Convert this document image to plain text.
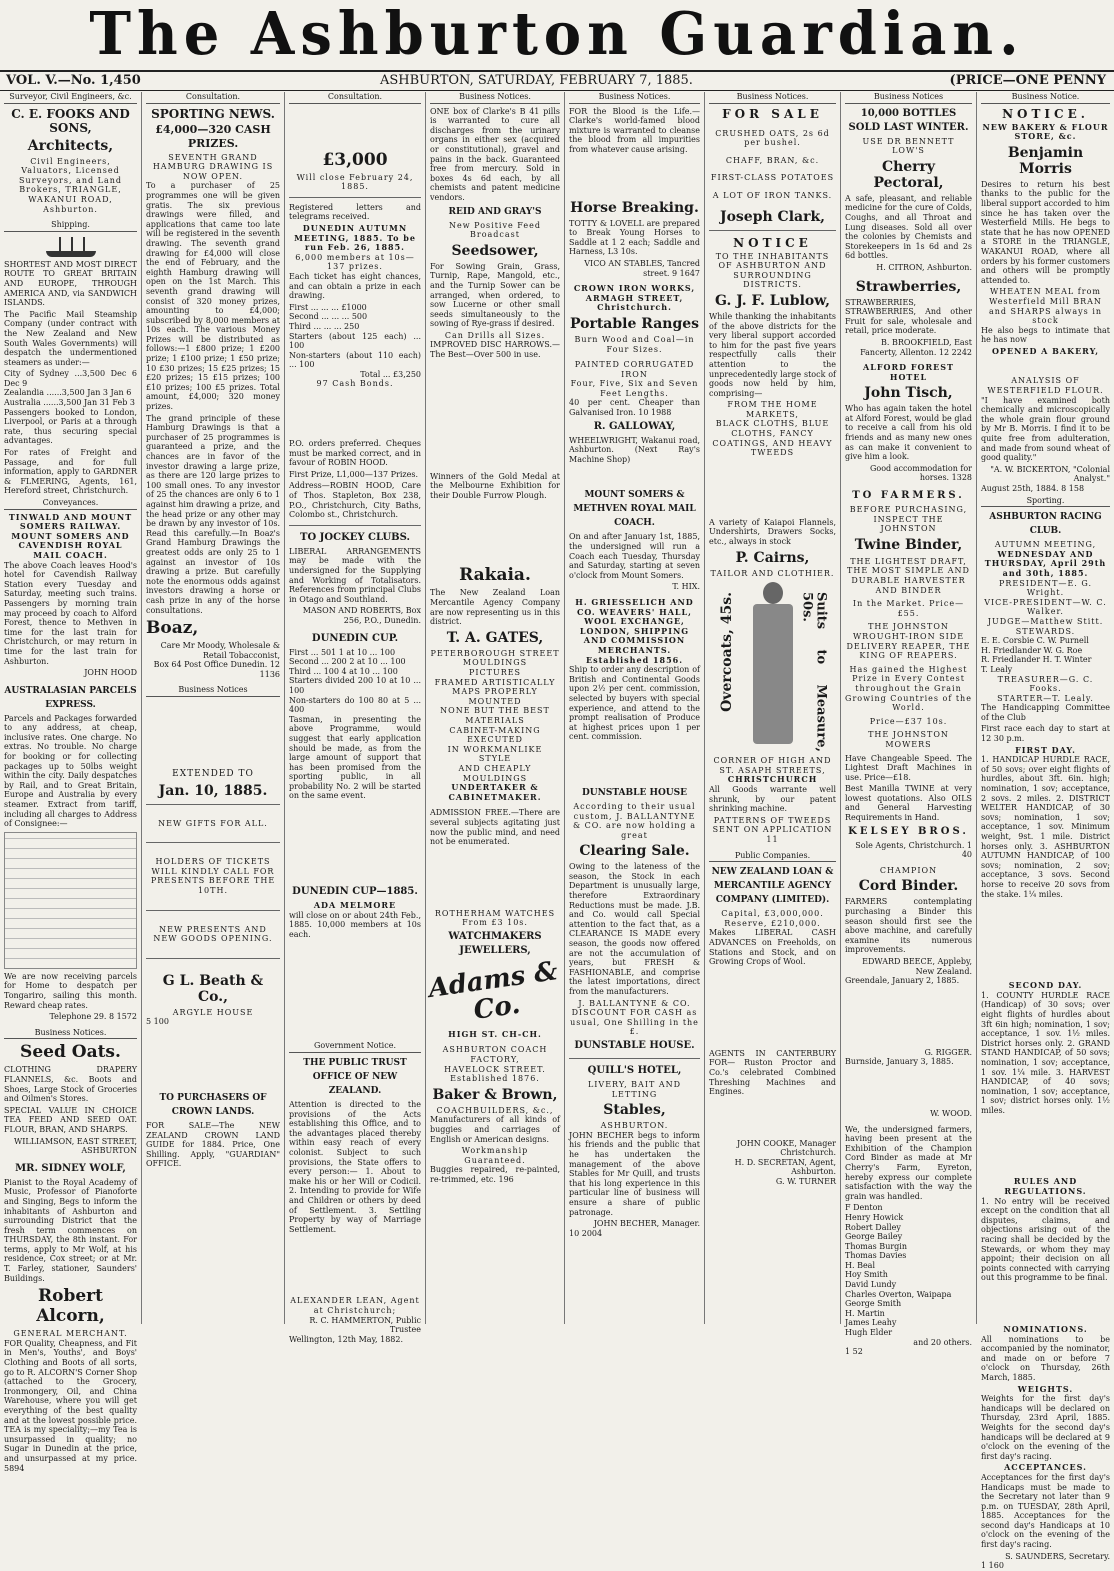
The Ashburton Guardian.
VOL. V.—No. 1,450	ASHBURTON, SATURDAY, FEBRUARY 7, 1885.	(PRICE—ONE PENNY
Surveyor, Civil Engineers, &c.
C. E. FOOKS AND SONS,
Architects,
Civil Engineers, Valuators, Licensed Surveyors, and Land Brokers, TRIANGLE, WAKANUI ROAD, Ashburton.
Shipping.
SHORTEST AND MOST DIRECT ROUTE TO GREAT BRITAIN AND EUROPE, THROUGH AMERICA AND, via SANDWICH ISLANDS.
The Pacific Mail Steamship Company (under contract with the New Zealand and New South Wales Governments) will despatch the undermentioned steamers as under:—
City of Sydney ...3,500 Dec 6 Dec 9
Zealandia ......3,500 Jan 3 Jan 6
Australia ......3,500 Jan 31 Feb 3
Passengers booked to London, Liverpool, or Paris at a through rate, thus securing special advantages.
For rates of Freight and Passage, and for full information, apply to GARDNER & FLMERING, Agents, 161, Hereford street, Christchurch.
Conveyances.
TINWALD AND MOUNT SOMERS RAILWAY.
MOUNT SOMERS AND CAVENDISH ROYAL MAIL COACH.
The above Coach leaves Hood's hotel for Cavendish Railway Station every Tuesday and Saturday, meeting such trains. Passengers by morning train may proceed by coach to Alford Forest, thence to Methven in time for the last train for Christchurch, or may return in time for the last train for Ashburton.
JOHN HOOD
AUSTRALASIAN PARCELS EXPRESS.
Parcels and Packages forwarded to any address, at cheap, inclusive rates. One charge. No extras. No trouble. No charge for booking or for collecting packages up to 50lbs weight within the city. Daily despatches by Rail, and to Great Britain, Europe and Australia by every steamer. Extract from tariff, including all charges to Address of Consignee:—
We are now receiving parcels for Home to despatch per Tongariro, sailing this month. Reward cheap rates.
Telephone 29. 8 1572
Business Notices.
Seed Oats.
CLOTHING DRAPERY FLANNELS, &c. Boots and Shoes, Large Stock of Groceries and Oilmen's Stores.
SPECIAL VALUE IN CHOICE TEA FEED AND SEED OAT. FLOUR, BRAN, AND SHARPS.
WILLIAMSON, EAST STREET, ASHBURTON
MR. SIDNEY WOLF,
Pianist to the Royal Academy of Music, Professor of Pianoforte and Singing, Begs to inform the inhabitants of Ashburton and surrounding District that the fresh term commences on THURSDAY, the 8th instant. For terms, apply to Mr Wolf, at his residence, Cox street; or at Mr. T. Farley, stationer, Saunders' Buildings.
Robert Alcorn,
GENERAL MERCHANT.
FOR Quality, Cheapness, and Fit in Men's, Youths', and Boys' Clothing and Boots of all sorts, go to R. ALCORN'S Corner Shop (attached to the Grocery, Ironmongery, Oil, and China Warehouse, where you will get everything of the best quality and at the lowest possible price. TEA is my speciality;—my Tea is unsurpassed in quality; no Sugar in Dunedin at the price, and unsurpassed at my price. 5894
Consultation.
SPORTING NEWS.
£4,000—320 CASH PRIZES.
SEVENTH GRAND HAMBURG DRAWING IS NOW OPEN.
To a purchaser of 25 programmes one will be given gratis. The six previous drawings were filled, and applications that came too late will be registered in the seventh drawing. The seventh grand drawing for £4,000 will close the end of February, and the eighth Hamburg drawing will open on the 1st March. This seventh grand drawing will consist of 320 money prizes, amounting to £4,000; subscribed by 8,000 members at 10s each. The various Money Prizes will be distributed as follows:—1 £800 prize; 1 £200 prize; 1 £100 prize; 1 £50 prize; 10 £30 prizes; 15 £25 prizes; 15 £20 prizes; 15 £15 prizes; 100 £10 prizes; 100 £5 prizes. Total amount, £4,000; 320 money prizes.
The grand principle of these Hamburg Drawings is that a purchaser of 25 programmes is guaranteed a prize, and the chances are in favor of the investor drawing a large prize, as there are 120 large prizes to 100 small ones. To any investor of 25 the chances are only 6 to 1 against him drawing a prize, and the head prize or any other may be drawn by any investor of 10s. Read this carefully.—In Boaz's Grand Hamburg Drawings the greatest odds are only 25 to 1 against an investor of 10s drawing a prize. But carefully note the enormous odds against investors drawing a horse or cash prize in any of the horse consultations.
Boaz,
Care Mr Moody, Wholesale & Retail Tobacconist,
Box 64 Post Office Dunedin. 12 1136
Business Notices
EXTENDED TO
Jan. 10, 1885.
NEW GIFTS FOR ALL.
HOLDERS OF TICKETS WILL KINDLY CALL FOR PRESENTS BEFORE THE 10TH.
NEW PRESENTS AND NEW GOODS OPENING.
G L. Beath & Co.,
ARGYLE HOUSE
5 100
TO PURCHASERS OF CROWN LANDS.
FOR SALE—The NEW ZEALAND CROWN LAND GUIDE for 1884. Price, One Shilling. Apply, "GUARDIAN" OFFICE.
Consultation.
£3,000
Will close February 24, 1885.
Registered letters and telegrams received.
DUNEDIN AUTUMN MEETING, 1885. To be run Feb. 26, 1885.
6,000 members at 10s—137 prizes.
Each ticket has eight chances, and can obtain a prize in each drawing.
First ... ... ... £1000
Second ... ... ... 500
Third ... ... ... 250
Starters (about 125 each) ... 100
Non-starters (about 110 each) ... 100
Total ... £3,250
97 Cash Bonds.
P.O. orders preferred. Cheques must be marked correct, and in favour of ROBIN HOOD.
First Prize, L1,000—137 Prizes.
Address—ROBIN HOOD, Care of Thos. Stapleton, Box 238, P.O., Christchurch, City Baths, Colombo st., Christchurch.
TO JOCKEY CLUBS.
LIBERAL ARRANGEMENTS may be made with the undersigned for the Supplying and Working of Totalisators. References from principal Clubs in Otago and Southland.
MASON AND ROBERTS, Box 256, P.O., Dunedin.
DUNEDIN CUP.
First ... 501 1 at 10 ... 100
Second ... 200 2 at 10 ... 100
Third ... 100 4 at 10 ... 100
Starters divided 200 10 at 10 ... 100
Non-starters do 100 80 at 5 ... 400
Tasman, in presenting the above Programme, would suggest that early application should be made, as from the large amount of support that has been promised from the sporting public, in all probability No. 2 will be started on the same event.
DUNEDIN CUP—1885.
ADA MELMORE
will close on or about 24th Feb., 1885. 10,000 members at 10s each.
Government Notice.
THE PUBLIC TRUST OFFICE OF NEW ZEALAND.
Attention is directed to the provisions of the Acts establishing this Office, and to the advantages placed thereby within easy reach of every colonist. Subject to such provisions, the State offers to every person:— 1. About to make his or her Will or Codicil. 2. Intending to provide for Wife and Children or others by deed of Settlement. 3. Settling Property by way of Marriage Settlement.
ALEXANDER LEAN, Agent at Christchurch;
R. C. HAMMERTON, Public Trustee
Wellington, 12th May, 1882.
Business Notices.
ONE box of Clarke's B 41 pills is warranted to cure all discharges from the urinary organs in either sex (acquired or constitutional), gravel and pains in the back. Guaranteed free from mercury. Sold in boxes 4s 6d each, by all chemists and patent medicine vendors.
REID AND GRAY'S
New Positive Feed Broadcast
Seedsower,
For Sowing Grain, Grass, Turnip, Rape, Mangold, etc., and the Turnip Sower can be arranged, when ordered, to sow Lucerne or other small seeds simultaneously to the sowing of Rye-grass if desired.
Can Drills all Sizes.
IMPROVED DISC HARROWS.—The Best—Over 500 in use.
Winners of the Gold Medal at the Melbourne Exhibition for their Double Furrow Plough.
Rakaia.
The New Zealand Loan Mercantile Agency Company are now representing us in this district.
T. A. GATES,
PETERBOROUGH STREET
MOULDINGS
PICTURES
FRAMED ARTISTICALLY
MAPS PROPERLY MOUNTED
NONE BUT THE BEST MATERIALS
CABINET-MAKING EXECUTED
IN WORKMANLIKE STYLE
AND CHEAPLY
MOULDINGS
UNDERTAKER & CABINETMAKER.
ADMISSION FREE.—There are several subjects agitating just now the public mind, and need not be enumerated.
ROTHERHAM WATCHES From £3 10s.
WATCHMAKERS JEWELLERS,
Adams & Co.
HIGH ST. CH-CH.
ASHBURTON COACH FACTORY,
HAVELOCK STREET. Established 1876.
Baker & Brown,
COACHBUILDERS, &c.,
Manufacturers of all kinds of buggies and carriages of English or American designs.
Workmanship Guaranteed.
Buggies repaired, re-painted, re-trimmed, etc. 196
Business Notices.
FOR the Blood is the Life.—Clarke's world-famed blood mixture is warranted to cleanse the blood from all impurities from whatever cause arising.
Horse Breaking.
TOTTY & LOVELL are prepared to Break Young Horses to Saddle at 1 2 each; Saddle and Harness, L3 10s.
VICO AN STABLES, Tancred street. 9 1647
CROWN IRON WORKS, ARMAGH STREET, Christchurch.
Portable Ranges
Burn Wood and Coal—in Four Sizes.
PAINTED CORRUGATED IRON
Four, Five, Six and Seven Feet Lengths.
40 per cent. Cheaper than Galvanised Iron. 10 1988
R. GALLOWAY,
WHEELWRIGHT, Wakanui road, Ashburton. (Next Ray's Machine Shop)
MOUNT SOMERS & METHVEN ROYAL MAIL COACH.
On and after January 1st, 1885, the undersigned will run a Coach each Tuesday, Thursday and Saturday, starting at seven o'clock from Mount Somers.
T. HIX.
H. GRIESSELICH AND CO. WEAVERS' HALL, WOOL EXCHANGE, LONDON, SHIPPING AND COMMISSION MERCHANTS. Established 1856.
Ship to order any description of British and Continental Goods upon 2½ per cent. commission, selected by buyers with special experience, and attend to the prompt realisation of Produce at highest prices upon 1 per cent. commission.
DUNSTABLE HOUSE
According to their usual custom, J. BALLANTYNE & CO. are now holding a great
Clearing Sale.
Owing to the lateness of the season, the Stock in each Department is unusually large, therefore Extraordinary Reductions must be made. J.B. and Co. would call Special attention to the fact that, as a CLEARANCE IS MADE every season, the goods now offered are not the accumulation of years, but FRESH & FASHIONABLE, and comprise the latest importations, direct from the manufacturers.
J. BALLANTYNE & CO.
DISCOUNT FOR CASH as usual, One Shilling in the £.
DUNSTABLE HOUSE.
QUILL'S HOTEL,
LIVERY, BAIT AND LETTING
Stables,
ASHBURTON.
JOHN BECHER begs to inform his friends and the public that he has undertaken the management of the above Stables for Mr Quill, and trusts that his long experience in this particular line of business will ensure a share of public patronage.
JOHN BECHER, Manager.
10 2004
Business Notices.
FOR SALE
CRUSHED OATS, 2s 6d per bushel.
CHAFF, BRAN, &c.
FIRST-CLASS POTATOES
A LOT OF IRON TANKS.
Joseph Clark,
NOTICE
TO THE INHABITANTS OF ASHBURTON AND SURROUNDING DISTRICTS.
G. J. F. Lublow,
While thanking the inhabitants of the above districts for the very liberal support accorded to him for the past five years respectfully calls their attention to the unprecedentedly large stock of goods now held by him, comprising—
FROM THE HOME MARKETS,
BLACK CLOTHS, BLUE CLOTHS, FANCY COATINGS, AND HEAVY TWEEDS
A variety of Kaiapoi Flannels, Undershirts, Drawers Socks, etc., always in stock
P. Cairns,
TAILOR AND CLOTHIER.
Overcoats, 45s.	Suits to Measure, 50s.
CORNER OF HIGH AND ST. ASAPH STREETS,
CHRISTCHURCH
All Goods warrante well shrunk, by our patent shrinking machine.
PATTERNS OF TWEEDS SENT ON APPLICATION 11
Public Companies.
NEW ZEALAND LOAN & MERCANTILE AGENCY COMPANY (LIMITED).
Capital, £3,000,000. Reserve, £210,000.
Makes LIBERAL CASH ADVANCES on Freeholds, on Stations and Stock, and on Growing Crops of Wool.
AGENTS IN CANTERBURY FOR— Ruston Proctor and Co.'s celebrated Combined Threshing Machines and Engines.
JOHN COOKE, Manager Christchurch.
H. D. SECRETAN, Agent, Ashburton.
G. W. TURNER
Business Notices
10,000 BOTTLES SOLD LAST WINTER.
USE DR BENNETT LOW'S
Cherry Pectoral,
A safe, pleasant, and reliable medicine for the cure of Colds, Coughs, and all Throat and Lung diseases. Sold all over the colonies by Chemists and Storekeepers in 1s 6d and 2s 6d bottles.
H. CITRON, Ashburton.
Strawberries,
STRAWBERRIES, STRAWBERRIES, And other Fruit for sale, wholesale and retail, price moderate.
B. BROOKFIELD, East Fancerty, Allenton. 12 2242
ALFORD FOREST HOTEL
John Tisch,
Who has again taken the hotel at Alford Forest, would be glad to receive a call from his old friends and as many new ones as can make it convenient to give him a look.
Good accommodation for horses. 1328
TO FARMERS.
BEFORE PURCHASING, INSPECT THE JOHNSTON
Twine Binder,
THE LIGHTEST DRAFT, THE MOST SIMPLE AND DURABLE HARVESTER AND BINDER
In the Market. Price—£55.
THE JOHNSTON WROUGHT-IRON SIDE DELIVERY REAPER, THE KING OF REAPERS.
Has gained the Highest Prize in Every Contest throughout the Grain Growing Countries of the World.
Price—£37 10s.
THE JOHNSTON MOWERS
Have Changeable Speed. The Lightest Draft Machines in use. Price—£18.
Best Manilla TWINE at very lowest quotations. Also OILS and General Harvesting Requirements in Hand.
KELSEY BROS.
Sole Agents, Christchurch. 1 40
CHAMPION
Cord Binder.
FARMERS contemplating purchasing a Binder this season should first see the above machine, and carefully examine its numerous improvements.
EDWARD BEECE, Appleby, New Zealand.
Greendale, January 2, 1885.
G. RIGGER.
Burnside, January 3, 1885.
W. WOOD.
We, the undersigned farmers, having been present at the Exhibition of the Champion Cord Binder as made at Mr Cherry's Farm, Eyreton, hereby express our complete satisfaction with the way the grain was handled.
F Denton
Henry Howick
Robert Dalley
George Bailey
Thomas Burgin
Thomas Davies
H. Beal
Hoy Smith
David Lundy
Charles Overton, Waipapa
George Smith
H. Martin
James Leahy
Hugh Elder
and 20 others.
1 52
Business Notice.
NOTICE.
NEW BAKERY & FLOUR STORE, &c.
Benjamin Morris
Desires to return his best thanks to the public for the liberal support accorded to him since he has taken over the Westerfield Mills. He begs to state that he has now OPENED a STORE in the TRIANGLE, WAKANUI ROAD, where all orders by his former customers and others will be promptly attended to.
WHEATEN MEAL from Westerfield Mill BRAN and SHARPS always in stock
He also begs to intimate that he has now
OPENED A BAKERY,
ANALYSIS OF WESTERFIELD FLOUR.
"I have examined both chemically and microscopically the whole grain flour ground by Mr B. Morris. I find it to be quite free from adulteration, and made from sound wheat of good quality."
"A. W. BICKERTON, "Colonial Analyst."
August 25th, 1884. 8 158
Sporting.
ASHBURTON RACING CLUB.
AUTUMN MEETING,
WEDNESDAY AND THURSDAY, April 29th and 30th, 1885.
PRESIDENT—E. G. Wright.
VICE-PRESIDENT—W. C. Walker.
JUDGE—Matthew Stitt.
STEWARDS.
E. E. Corsbie C. W. Purnell
H. Friedlander W. G. Roe
R. Friedlander H. T. Winter
T. Lealy
TREASURER—G. C. Fooks.
STARTER—T. Lealy.
The Handicapping Committee of the Club
First race each day to start at 12 30 p.m.
FIRST DAY.
1. HANDICAP HURDLE RACE, of 50 sovs; over eight flights of hurdles, about 3ft. 6in. high; nomination, 1 sov; acceptance, 2 sovs. 2 miles. 2. DISTRICT WELTER HANDICAP, of 30 sovs; nomination, 1 sov; acceptance, 1 sov. Minimum weight, 9st. 1 mile. District horses only. 3. ASHBURTON AUTUMN HANDICAP, of 100 sovs; nomination, 2 sov; acceptance, 3 sovs. Second horse to receive 20 sovs from the stake. 1¼ miles.
SECOND DAY.
1. COUNTY HURDLE RACE (Handicap) of 30 sovs; over eight flights of hurdles about 3ft 6in high; nomination, 1 sov; acceptance, 1 sov. 1½ miles. District horses only. 2. GRAND STAND HANDICAP, of 50 sovs; nomination, 1 sov; acceptance, 1 sov. 1¼ mile. 3. HARVEST HANDICAP, of 40 sovs; nomination, 1 sov; acceptance, 1 sov; district horses only. 1½ miles.
RULES AND REGULATIONS.
1. No entry will be received except on the condition that all disputes, claims, and objections arising out of the racing shall be decided by the Stewards, or whom they may appoint; their decision on all points connected with carrying out this programme to be final.
NOMINATIONS.
All nominations to be accompanied by the nominator, and made on or before 7 o'clock on Thursday, 26th March, 1885.
WEIGHTS.
Weights for the first day's handicaps will be declared on Thursday, 23rd April, 1885. Weights for the second day's handicaps will be declared at 9 o'clock on the evening of the first day's racing.
ACCEPTANCES.
Acceptances for the first day's Handicaps must be made to the Secretary not later than 9 p.m. on TUESDAY, 28th April, 1885. Acceptances for the second day's Handicaps at 10 o'clock on the evening of the first day's racing.
S. SAUNDERS, Secretary.
1 160
